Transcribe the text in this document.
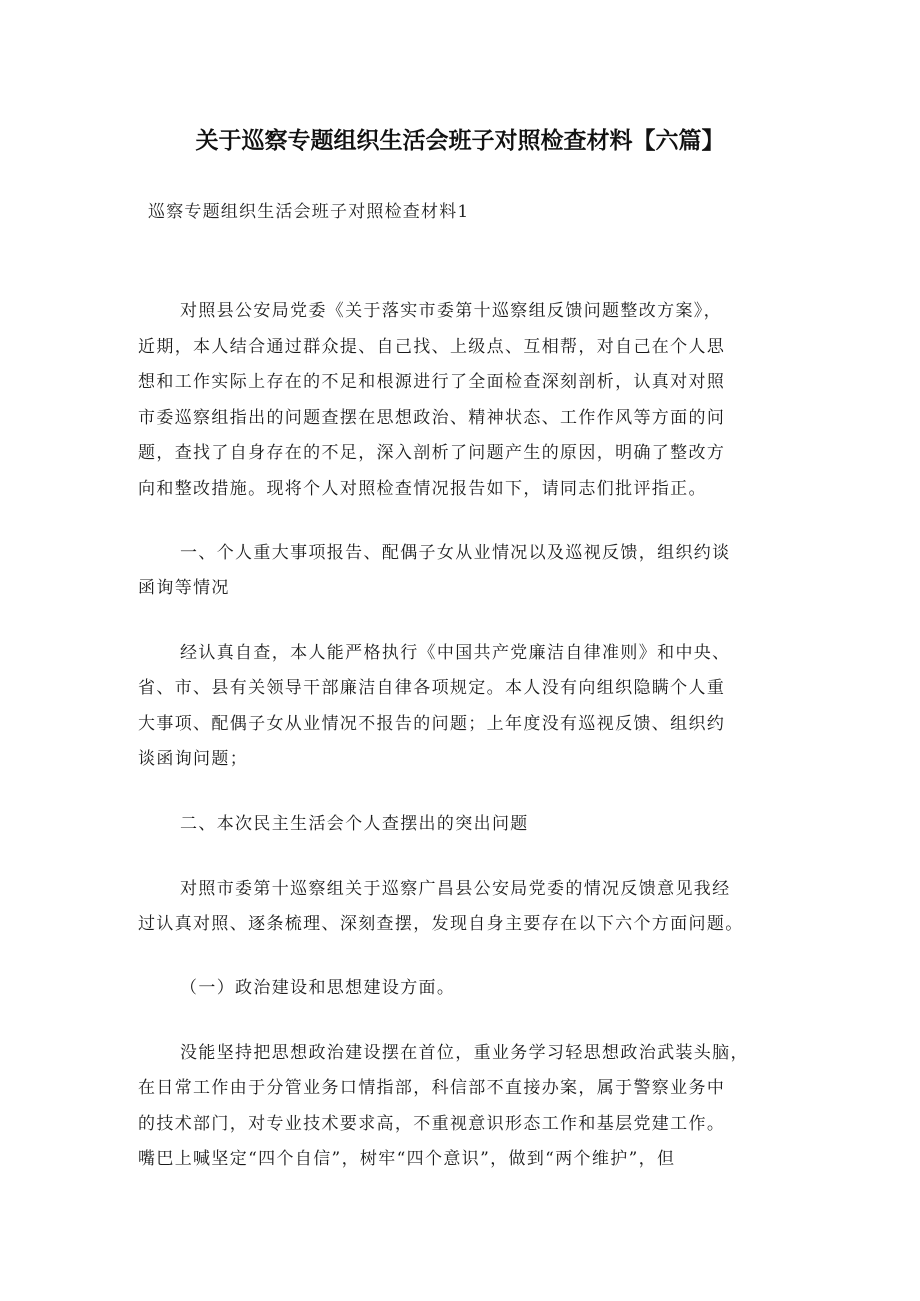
关于巡察专题组织生活会班子对照检查材料【六篇】
巡察专题组织生活会班子对照检查材料1
对照县公安局党委《关于落实市委第十巡察组反馈问题整改方案》，
近期，本人结合通过群众提、自己找、上级点、互相帮，对自己在个人思
想和工作实际上存在的不足和根源进行了全面检查深刻剖析，认真对对照
市委巡察组指出的问题查摆在思想政治、精神状态、工作作风等方面的问
题，查找了自身存在的不足，深入剖析了问题产生的原因，明确了整改方
向和整改措施。现将个人对照检查情况报告如下，请同志们批评指正。
一、个人重大事项报告、配偶子女从业情况以及巡视反馈，组织约谈
函询等情况
经认真自查，本人能严格执行《中国共产党廉洁自律准则》和中央、
省、市、县有关领导干部廉洁自律各项规定。本人没有向组织隐瞒个人重
大事项、配偶子女从业情况不报告的问题；上年度没有巡视反馈、组织约
谈函询问题；
二、本次民主生活会个人查摆出的突出问题
对照市委第十巡察组关于巡察广昌县公安局党委的情况反馈意见我经
过认真对照、逐条梳理、深刻查摆，发现自身主要存在以下六个方面问题。
（一）政治建设和思想建设方面。
没能坚持把思想政治建设摆在首位，重业务学习轻思想政治武装头脑，
在日常工作由于分管业务口情指部，科信部不直接办案，属于警察业务中
的技术部门，对专业技术要求高，不重视意识形态工作和基层党建工作。
嘴巴上喊坚定“四个自信”，树牢“四个意识”，做到“两个维护”，但
